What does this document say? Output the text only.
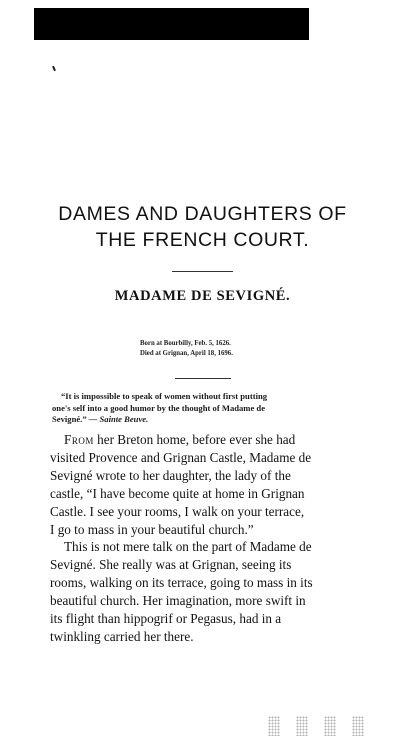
DAMES AND DAUGHTERS OF
THE FRENCH COURT.
MADAME DE SEVIGNÉ.
Born at Bourbilly, Feb. 5, 1626.
Died at Grignan, April 18, 1696.
“It is impossible to speak of women without first putting
one's self into a good humor by the thought of Madame de
Sevigné.” — Sainte Beuve.
From her Breton home, before ever she had
visited Provence and Grignan Castle, Madame de
Sevigné wrote to her daughter, the lady of the
castle, “I have become quite at home in Grignan
Castle. I see your rooms, I walk on your terrace,
I go to mass in your beautiful church.”
This is not mere talk on the part of Madame de
Sevigné. She really was at Grignan, seeing its
rooms, walking on its terrace, going to mass in its
beautiful church. Her imagination, more swift in
its flight than hippogrif or Pegasus, had in a
twinkling carried her there.
